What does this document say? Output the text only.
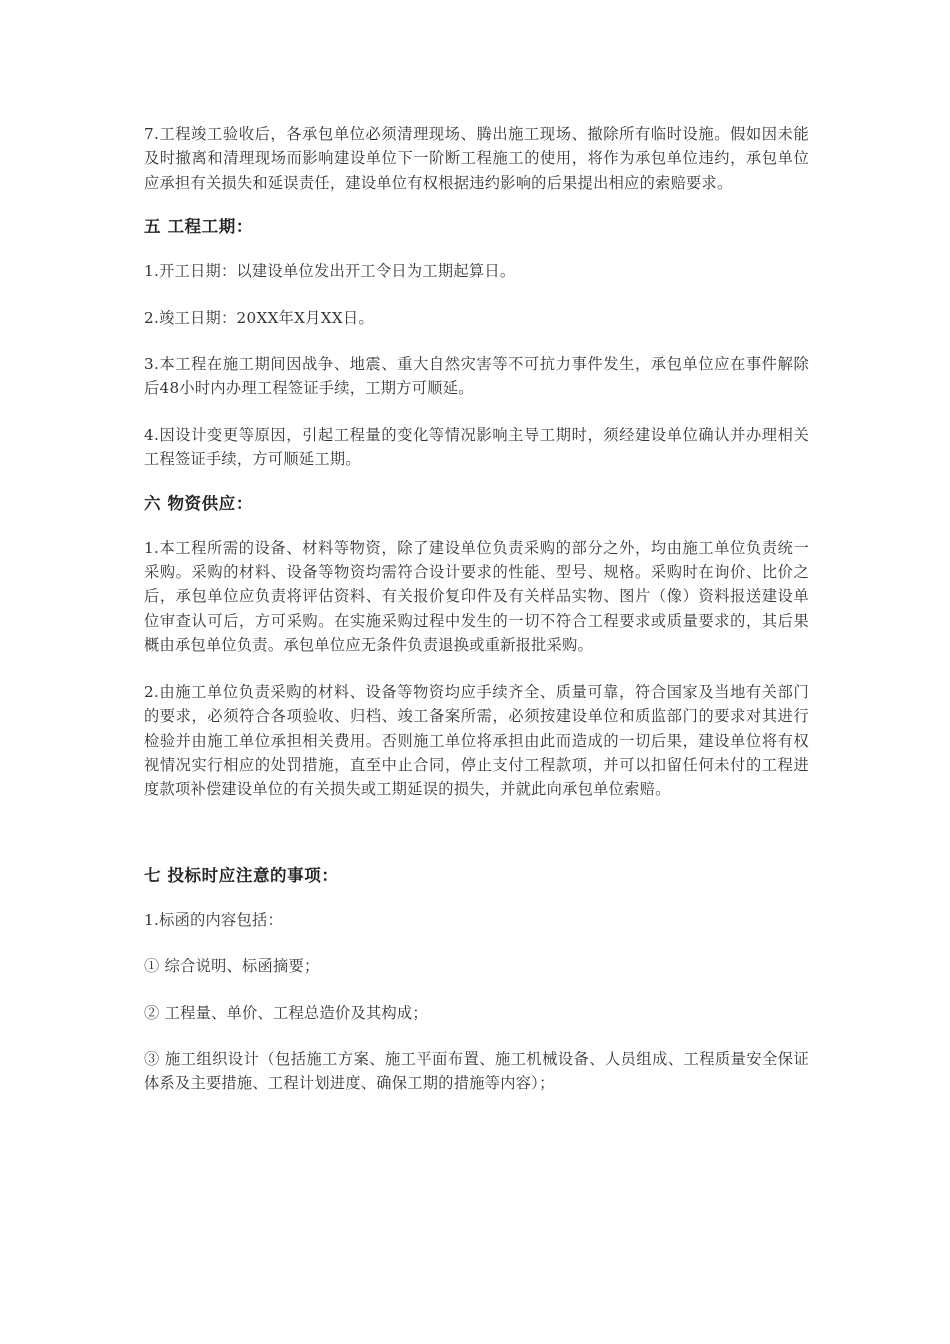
7.工程竣工验收后，各承包单位必须清理现场、腾出施工现场、撤除所有临时设施。假如因未能及时撤离和清理现场而影响建设单位下一阶断工程施工的使用，将作为承包单位违约，承包单位应承担有关损失和延误责任，建设单位有权根据违约影响的后果提出相应的索赔要求。

五 工程工期：

1.开工日期：以建设单位发出开工令日为工期起算日。

2.竣工日期：20XX年X月XX日。

3.本工程在施工期间因战争、地震、重大自然灾害等不可抗力事件发生，承包单位应在事件解除后48小时内办理工程签证手续，工期方可顺延。

4.因设计变更等原因，引起工程量的变化等情况影响主导工期时，须经建设单位确认并办理相关工程签证手续，方可顺延工期。

六 物资供应：

1.本工程所需的设备、材料等物资，除了建设单位负责采购的部分之外，均由施工单位负责统一采购。采购的材料、设备等物资均需符合设计要求的性能、型号、规格。采购时在询价、比价之后，承包单位应负责将评估资料、有关报价复印件及有关样品实物、图片（像）资料报送建设单位审查认可后，方可采购。在实施采购过程中发生的一切不符合工程要求或质量要求的，其后果概由承包单位负责。承包单位应无条件负责退换或重新报批采购。

2.由施工单位负责采购的材料、设备等物资均应手续齐全、质量可靠，符合国家及当地有关部门的要求，必须符合各项验收、归档、竣工备案所需，必须按建设单位和质监部门的要求对其进行检验并由施工单位承担相关费用。否则施工单位将承担由此而造成的一切后果，建设单位将有权视情况实行相应的处罚措施，直至中止合同，停止支付工程款项，并可以扣留任何未付的工程进度款项补偿建设单位的有关损失或工期延误的损失，并就此向承包单位索赔。

七 投标时应注意的事项：

1.标函的内容包括：

① 综合说明、标函摘要；

② 工程量、单价、工程总造价及其构成；

③ 施工组织设计（包括施工方案、施工平面布置、施工机械设备、人员组成、工程质量安全保证体系及主要措施、工程计划进度、确保工期的措施等内容）；
